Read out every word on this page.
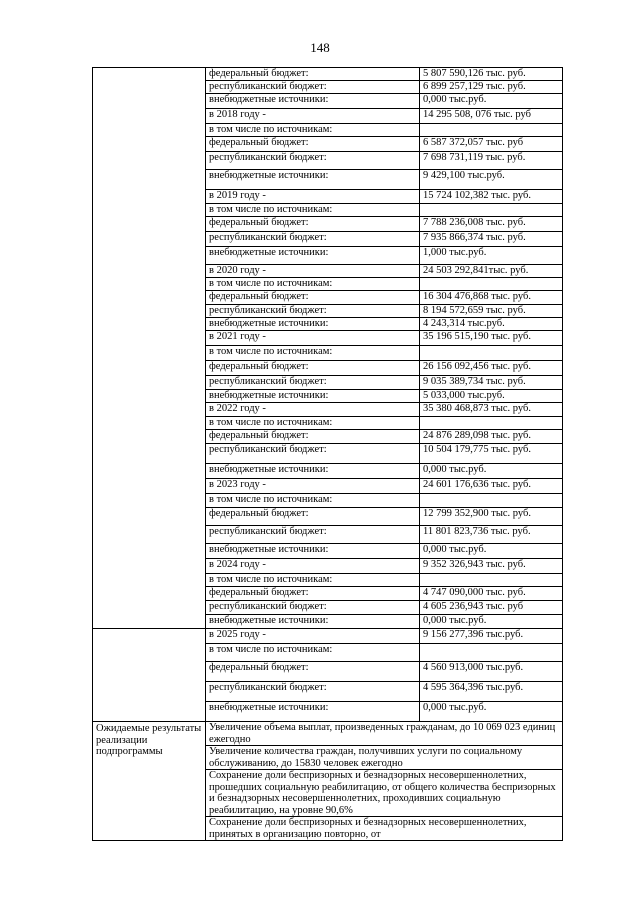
148
	федеральный бюджет:	5 807 590,126 тыс. руб.
	республиканский бюджет:	6 899 257,129 тыс. руб.
	внебюджетные источники:	0,000 тыс.руб.
	в 2018 году -	14 295 508, 076 тыс. руб
	в том числе по источникам:	
	федеральный бюджет:	6 587 372,057 тыс. руб
	республиканский бюджет:	7 698 731,119 тыс. руб.
	внебюджетные источники:	9 429,100 тыс.руб.
	в 2019 году -	15 724 102,382 тыс. руб.
	в том числе по источникам:	
	федеральный бюджет:	7 788 236,008 тыс. руб.
	республиканский бюджет:	7 935 866,374 тыс. руб.
	внебюджетные источники:	1,000 тыс.руб.
	в 2020 году -	24 503 292,841тыс. руб.
	в том числе по источникам:	
	федеральный бюджет:	16 304 476,868 тыс. руб.
	республиканский бюджет:	8 194 572,659 тыс. руб.
	внебюджетные источники:	4 243,314 тыс.руб.
	в 2021 году -	35 196 515,190 тыс. руб.
	в том числе по источникам:	
	федеральный бюджет:	26 156 092,456 тыс. руб.
	республиканский бюджет:	9 035 389,734 тыс. руб.
	внебюджетные источники:	5 033,000 тыс.руб.
	в 2022 году -	35 380 468,873 тыс. руб.
	в том числе по источникам:	
	федеральный бюджет:	24 876 289,098 тыс. руб.
	республиканский бюджет:	10 504 179,775 тыс. руб.
	внебюджетные источники:	0,000 тыс.руб.
	в 2023 году -	24 601 176,636 тыс. руб.
	в том числе по источникам:	
	федеральный бюджет:	12 799 352,900 тыс. руб.
	республиканский бюджет:	11 801 823,736 тыс. руб.
	внебюджетные источники:	0,000 тыс.руб.
	в 2024 году -	9 352 326,943 тыс. руб.
	в том числе по источникам:	
	федеральный бюджет:	4 747 090,000 тыс. руб.
	республиканский бюджет:	4 605 236,943 тыс. руб
	внебюджетные источники:	0,000 тыс.руб.
	в 2025 году -	9 156 277,396 тыс.руб.
	в том числе по источникам:	
	федеральный бюджет:	4 560 913,000 тыс.руб.
	республиканский бюджет:	4 595 364,396 тыс.руб.
	внебюджетные источники:	0,000 тыс.руб.
Ожидаемые результаты реализации подпрограммы	Увеличение объема выплат, произведенных гражданам, до 10 069 023 единиц ежегодно	
	Увеличение количества граждан, получивших услуги по социальному обслуживанию, до 15830 человек ежегодно	
	Сохранение доли беспризорных и безнадзорных несовершеннолетних, прошедших социальную реабилитацию, от общего количества беспризорных и безнадзорных несовершеннолетних, проходивших социальную реабилитацию, на уровне 90,6%	
	Сохранение доли беспризорных и безнадзорных несовершеннолетних, принятых в организацию повторно, от	
